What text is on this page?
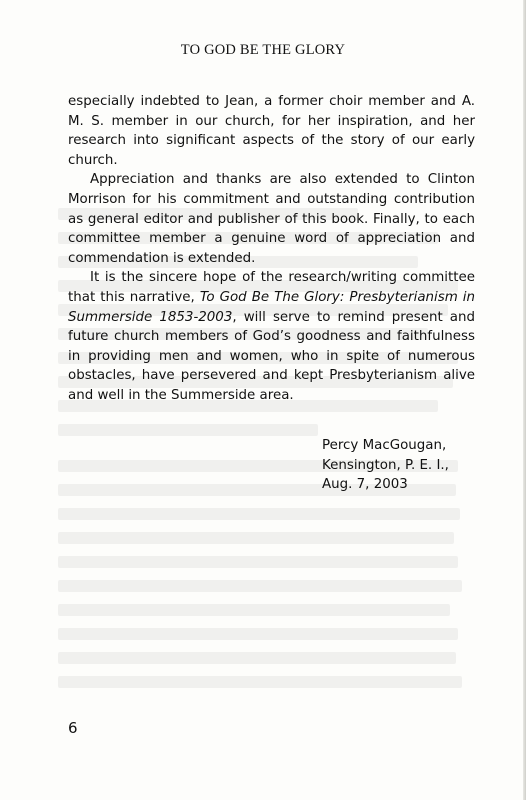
TO GOD BE THE GLORY

especially indebted to Jean, a former choir member and A. M. S. member in our church, for her inspiration, and her research into significant aspects of the story of our early church.

Appreciation and thanks are also extended to Clinton Morrison for his commitment and outstanding contribution as general editor and publisher of this book. Finally, to each committee member a genuine word of appreciation and commendation is extended.

It is the sincere hope of the research/writing committee that this narrative, To God Be The Glory: Presbyterianism in Summerside 1853-2003, will serve to remind present and future church members of God’s goodness and faithfulness in providing men and women, who in spite of numerous obstacles, have persevered and kept Presbyterianism alive and well in the Summerside area.

Percy MacGougan,
Kensington, P. E. I.,
Aug. 7, 2003
6
